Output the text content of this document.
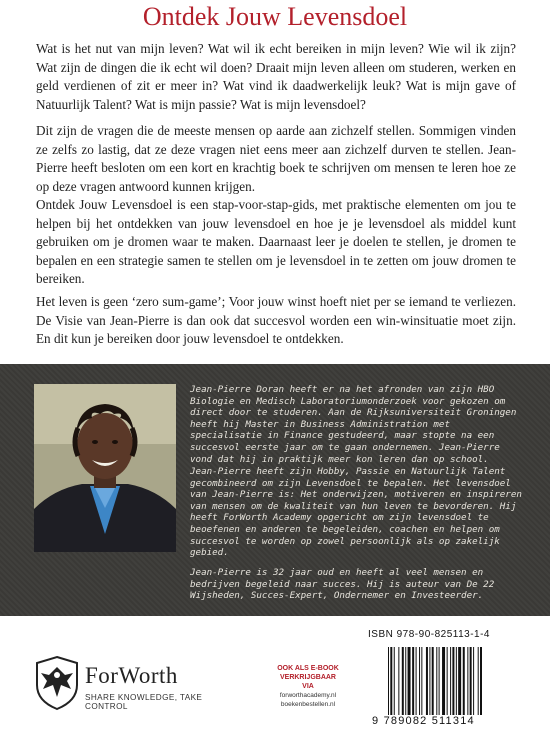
Ontdek Jouw Levensdoel

Wat is het nut van mijn leven? Wat wil ik echt bereiken in mijn leven? Wie wil ik zijn? Wat zijn de dingen die ik echt wil doen? Draait mijn leven alleen om studeren, werken en geld verdienen of zit er meer in? Wat vind ik daadwerkelijk leuk? Wat is mijn gave of Natuurlijk Talent? Wat is mijn passie? Wat is mijn levensdoel?

Dit zijn de vragen die de meeste mensen op aarde aan zichzelf stellen. Sommigen vinden ze zelfs zo lastig, dat ze deze vragen niet eens meer aan zichzelf durven te stellen. Jean-Pierre heeft besloten om een kort en krachtig boek te schrijven om mensen te leren hoe ze op deze vragen antwoord kunnen krijgen.

Ontdek Jouw Levensdoel is een stap-voor-stap-gids, met praktische elementen om jou te helpen bij het ontdekken van jouw levensdoel en hoe je je levensdoel als middel kunt gebruiken om je dromen waar te maken. Daarnaast leer je doelen te stellen, je dromen te bepalen en een strategie samen te stellen om je levensdoel in te zetten om jouw dromen te bereiken.

Het leven is geen ‘zero sum-game’; Voor jouw winst hoeft niet per se iemand te verliezen. De Visie van Jean-Pierre is dan ook dat succesvol worden een win-winsituatie moet zijn. En dit kun je bereiken door jouw levensdoel te ontdekken.

Jean-Pierre Doran heeft er na het afronden van zijn HBO Biologie en Medisch Laboratoriumonderzoek voor gekozen om direct door te studeren. Aan de Rijksuniversiteit Groningen heeft hij Master in Business Administration met specialisatie in Finance gestudeerd, maar stopte na een succesvol eerste jaar om te gaan ondernemen. Jean-Pierre vond dat hij in praktijk meer kon leren dan op school.

Jean-Pierre heeft zijn Hobby, Passie en Natuurlijk Talent gecombineerd om zijn Levensdoel te bepalen. Het levensdoel van Jean-Pierre is: Het onderwijzen, motiveren en inspireren van mensen om de kwaliteit van hun leven te bevorderen. Hij heeft ForWorth Academy opgericht om zijn levensdoel te beoefenen en anderen te begeleiden, coachen en helpen om succesvol te worden op zowel persoonlijk als op zakelijk gebied.

Jean-Pierre is 32 jaar oud en heeft al veel mensen en bedrijven begeleid naar succes. Hij is auteur van De 22 Wijsheden, Succes-Expert, Ondernemer en Investeerder.

ISBN 978-90-825113-1-4
ForWorth
SHARE KNOWLEDGE, TAKE CONTROL
OOK ALS E-BOOK
VERKRIJGBAAR
VIA
forworthacademy.nl
boekenbestellen.nl
9 789082 511314
